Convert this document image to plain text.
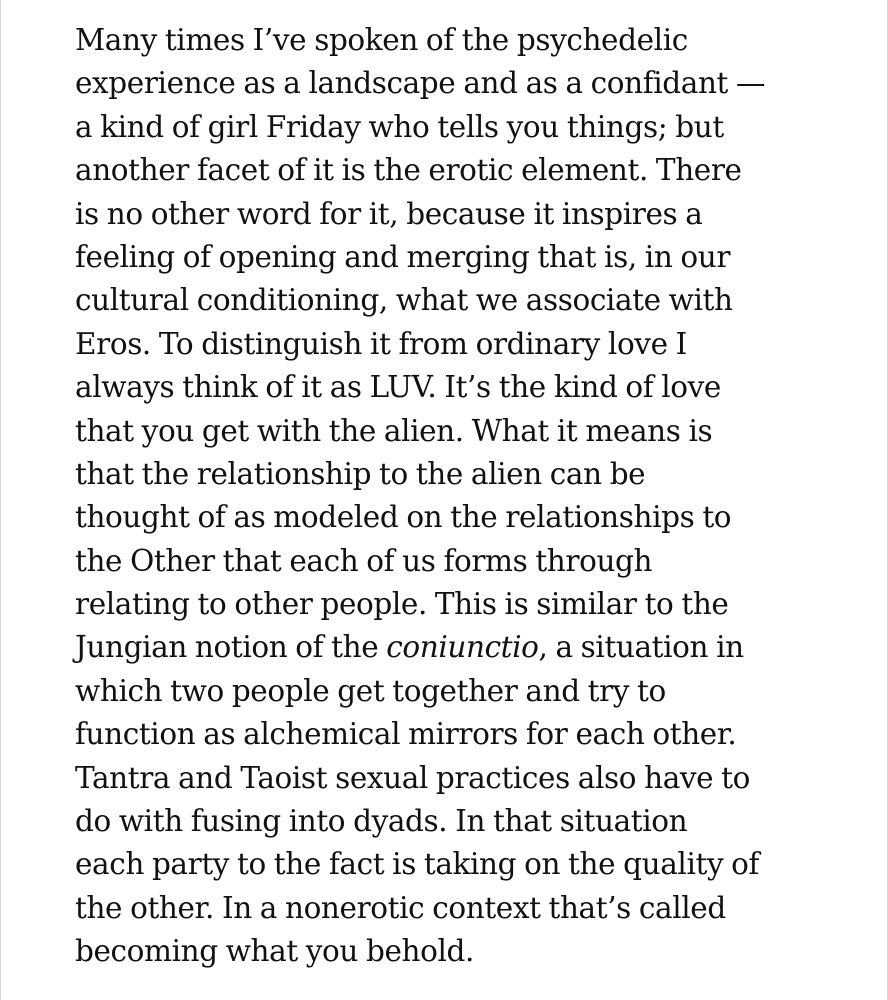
Many times I’ve spoken of the psychedelic
experience as a landscape and as a confidant —
a kind of girl Friday who tells you things; but
another facet of it is the erotic element. There
is no other word for it, because it inspires a
feeling of opening and merging that is, in our
cultural conditioning, what we associate with
Eros. To distinguish it from ordinary love I
always think of it as LUV. It’s the kind of love
that you get with the alien. What it means is
that the relationship to the alien can be
thought of as modeled on the relationships to
the Other that each of us forms through
relating to other people. This is similar to the
Jungian notion of the coniunctio, a situation in
which two people get together and try to
function as alchemical mirrors for each other.
Tantra and Taoist sexual practices also have to
do with fusing into dyads. In that situation
each party to the fact is taking on the quality of
the other. In a nonerotic context that’s called
becoming what you behold.
